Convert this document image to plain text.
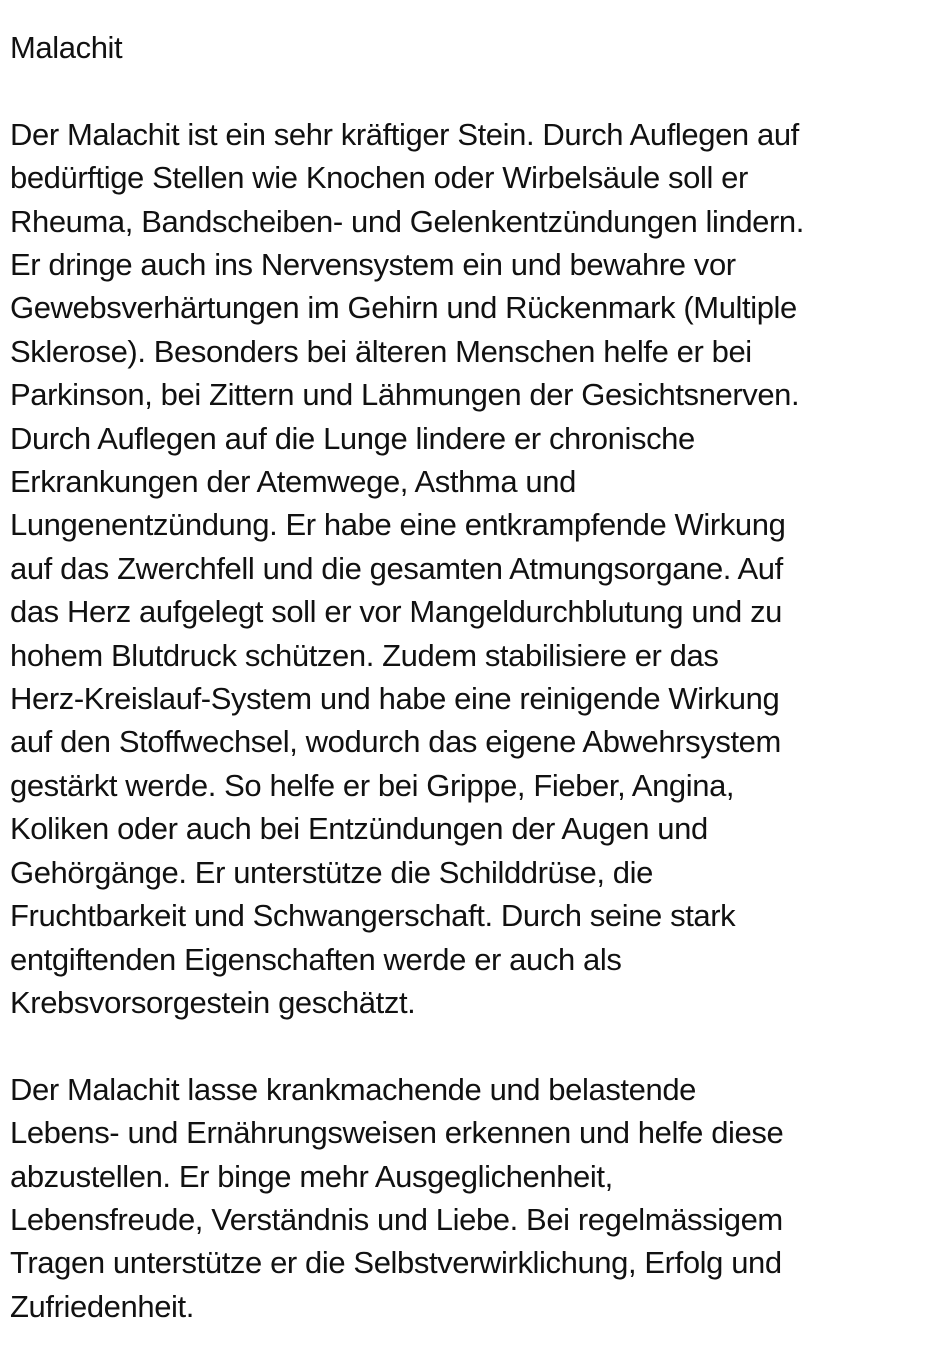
Malachit
Der Malachit ist ein sehr kräftiger Stein. Durch Auflegen auf
bedürftige Stellen wie Knochen oder Wirbelsäule soll er
Rheuma, Bandscheiben- und Gelenkentzündungen lindern.
Er dringe auch ins Nervensystem ein und bewahre vor
Gewebsverhärtungen im Gehirn und Rückenmark (Multiple
Sklerose). Besonders bei älteren Menschen helfe er bei
Parkinson, bei Zittern und Lähmungen der Gesichtsnerven.
Durch Auflegen auf die Lunge lindere er chronische
Erkrankungen der Atemwege, Asthma und
Lungenentzündung. Er habe eine entkrampfende Wirkung
auf das Zwerchfell und die gesamten Atmungsorgane. Auf
das Herz aufgelegt soll er vor Mangeldurchblutung und zu
hohem Blutdruck schützen. Zudem stabilisiere er das
Herz-Kreislauf-System und habe eine reinigende Wirkung
auf den Stoffwechsel, wodurch das eigene Abwehrsystem
gestärkt werde. So helfe er bei Grippe, Fieber, Angina,
Koliken oder auch bei Entzündungen der Augen und
Gehörgänge. Er unterstütze die Schilddrüse, die
Fruchtbarkeit und Schwangerschaft. Durch seine stark
entgiftenden Eigenschaften werde er auch als
Krebsvorsorgestein geschätzt.
Der Malachit lasse krankmachende und belastende
Lebens- und Ernährungsweisen erkennen und helfe diese
abzustellen. Er binge mehr Ausgeglichenheit,
Lebensfreude, Verständnis und Liebe. Bei regelmässigem
Tragen unterstütze er die Selbstverwirklichung, Erfolg und
Zufriedenheit.
